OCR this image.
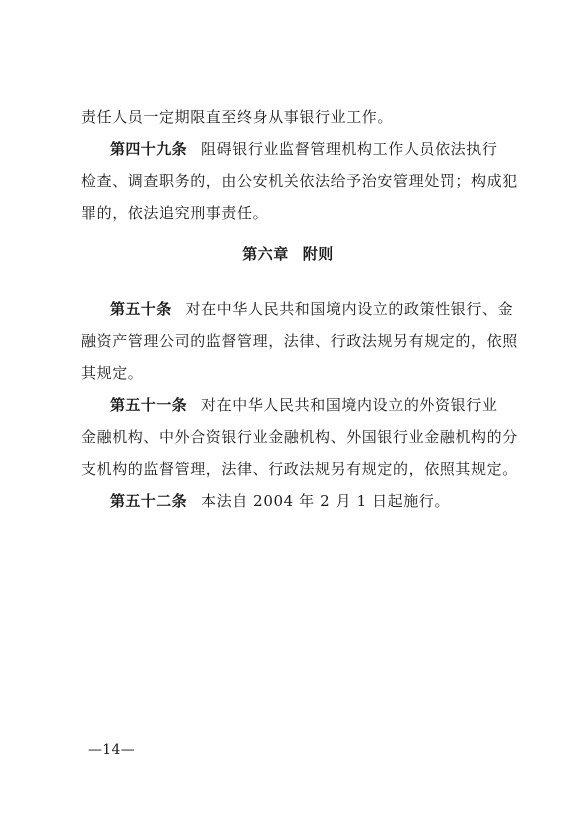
责任人员一定期限直至终身从事银行业工作。
第四十九条 阻碍银行业监督管理机构工作人员依法执行
检查、调查职务的，由公安机关依法给予治安管理处罚；构成犯
罪的，依法追究刑事责任。
第六章 附则
第五十条 对在中华人民共和国境内设立的政策性银行、金
融资产管理公司的监督管理，法律、行政法规另有规定的，依照
其规定。
第五十一条 对在中华人民共和国境内设立的外资银行业
金融机构、中外合资银行业金融机构、外国银行业金融机构的分
支机构的监督管理，法律、行政法规另有规定的，依照其规定。
第五十二条 本法自 2004 年 2 月 1 日起施行。
—14—
